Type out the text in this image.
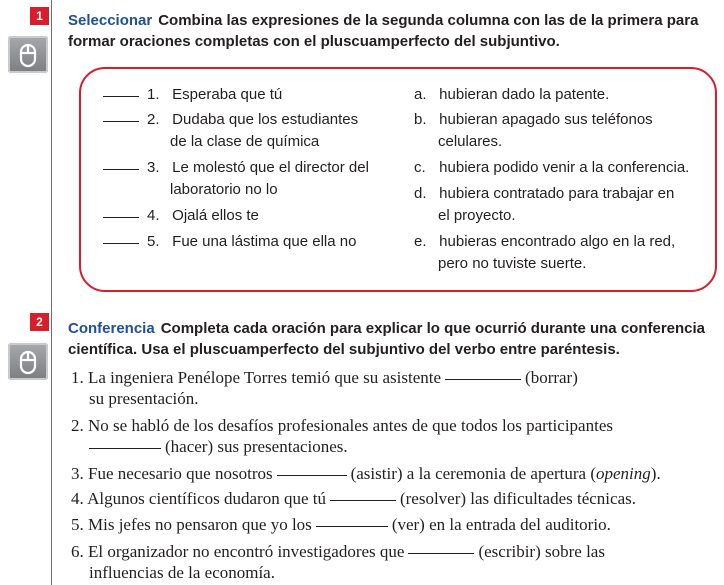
1	Seleccionar Combina las expresiones de la segunda columna con las de la primera para
formar oraciones completas con el pluscuamperfecto del subjuntivo.
1. Esperaba que tú
2. Dudaba que los estudiantes
de la clase de química
3. Le molestó que el director del
laboratorio no lo
4. Ojalá ellos te
5. Fue una lástima que ella no
a. hubieran dado la patente.
b. hubieran apagado sus teléfonos
celulares.
c. hubiera podido venir a la conferencia.
d. hubiera contratado para trabajar en
el proyecto.
e. hubieras encontrado algo en la red,
pero no tuviste suerte.
2	Conferencia Completa cada oración para explicar lo que ocurrió durante una conferencia
científica. Usa el pluscuamperfecto del subjuntivo del verbo entre paréntesis.
1. La ingeniera Penélope Torres temió que su asistente	(borrar)
su presentación.
2. No se habló de los desafíos profesionales antes de que todos los participantes
(hacer) sus presentaciones.
3. Fue necesario que nosotros	(asistir) a la ceremonia de apertura (opening).
4. Algunos científicos dudaron que tú	(resolver) las dificultades técnicas.
5. Mis jefes no pensaron que yo los	(ver) en la entrada del auditorio.
6. El organizador no encontró investigadores que	(escribir) sobre las
influencias de la economía.
